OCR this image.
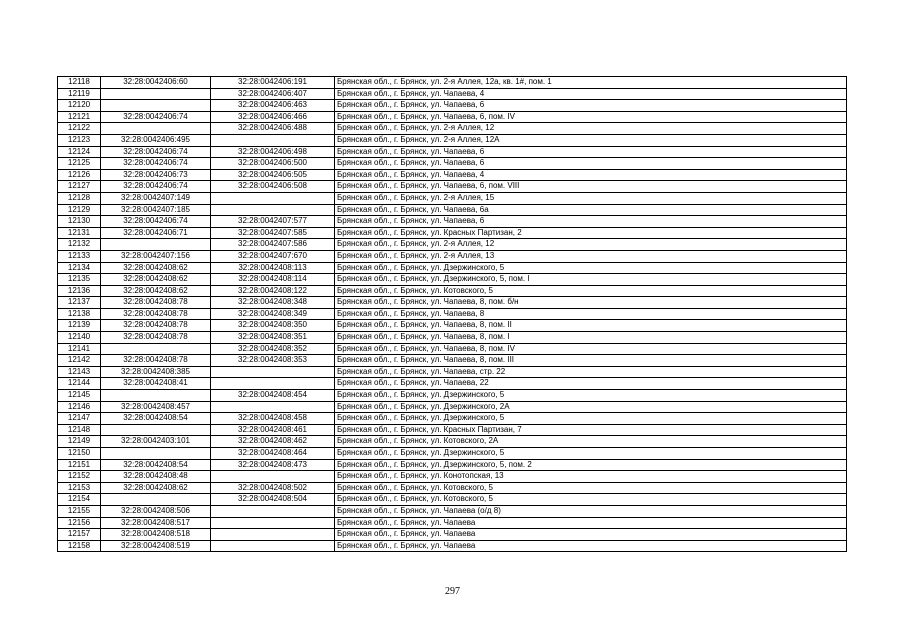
12118	32:28:0042406:60	32:28:0042406:191	Брянская обл., г. Брянск, ул. 2-я Аллея, 12а, кв. 1#, пом. 1
12119		32:28:0042406:407	Брянская обл., г. Брянск, ул. Чапаева, 4
12120		32:28:0042406:463	Брянская обл., г. Брянск, ул. Чапаева, 6
12121	32:28:0042406:74	32:28:0042406:466	Брянская обл., г. Брянск, ул. Чапаева, 6, пом. IV
12122		32:28:0042406:488	Брянская обл., г. Брянск, ул. 2-я Аллея, 12
12123	32:28:0042406:495		Брянская обл., г. Брянск, ул. 2-я Аллея, 12А
12124	32:28:0042406:74	32:28:0042406:498	Брянская обл., г. Брянск, ул. Чапаева, 6
12125	32:28:0042406:74	32:28:0042406:500	Брянская обл., г. Брянск, ул. Чапаева, 6
12126	32:28:0042406:73	32:28:0042406:505	Брянская обл., г. Брянск, ул. Чапаева, 4
12127	32:28:0042406:74	32:28:0042406:508	Брянская обл., г. Брянск, ул. Чапаева, 6, пом. VIII
12128	32:28:0042407:149		Брянская обл., г. Брянск, ул. 2-я Аллея, 15
12129	32:28:0042407:185		Брянская обл., г. Брянск, ул. Чапаева, 6а
12130	32:28:0042406:74	32:28:0042407:577	Брянская обл., г. Брянск, ул. Чапаева, 6
12131	32:28:0042406:71	32:28:0042407:585	Брянская обл., г. Брянск, ул. Красных Партизан, 2
12132		32:28:0042407:586	Брянская обл., г. Брянск, ул. 2-я Аллея, 12
12133	32:28:0042407:156	32:28:0042407:670	Брянская обл., г. Брянск, ул. 2-я Аллея, 13
12134	32:28:0042408:62	32:28:0042408:113	Брянская обл., г. Брянск, ул. Дзержинского, 5
12135	32:28:0042408:62	32:28:0042408:114	Брянская обл., г. Брянск, ул. Дзержинского, 5, пом. I
12136	32:28:0042408:62	32:28:0042408:122	Брянская обл., г. Брянск, ул. Котовского, 5
12137	32:28:0042408:78	32:28:0042408:348	Брянская обл., г. Брянск, ул. Чапаева, 8, пом. б/н
12138	32:28:0042408:78	32:28:0042408:349	Брянская обл., г. Брянск, ул. Чапаева, 8
12139	32:28:0042408:78	32:28:0042408:350	Брянская обл., г. Брянск, ул. Чапаева, 8, пом. II
12140	32:28:0042408:78	32:28:0042408:351	Брянская обл., г. Брянск, ул. Чапаева, 8, пом. I
12141		32:28:0042408:352	Брянская обл., г. Брянск, ул. Чапаева, 8, пом. IV
12142	32:28:0042408:78	32:28:0042408:353	Брянская обл., г. Брянск, ул. Чапаева, 8, пом. III
12143	32:28:0042408:385		Брянская обл., г. Брянск, ул. Чапаева, стр. 22
12144	32:28:0042408:41		Брянская обл., г. Брянск, ул. Чапаева, 22
12145		32:28:0042408:454	Брянская обл., г. Брянск, ул. Дзержинского, 5
12146	32:28:0042408:457		Брянская обл., г. Брянск, ул. Дзержинского, 2А
12147	32:28:0042408:54	32:28:0042408:458	Брянская обл., г. Брянск, ул. Дзержинского, 5
12148		32:28:0042408:461	Брянская обл., г. Брянск, ул. Красных Партизан, 7
12149	32:28:0042403:101	32:28:0042408:462	Брянская обл., г. Брянск, ул. Котовского, 2А
12150		32:28:0042408:464	Брянская обл., г. Брянск, ул. Дзержинского, 5
12151	32:28:0042408:54	32:28:0042408:473	Брянская обл., г. Брянск, ул. Дзержинского, 5, пом. 2
12152	32:28:0042408:48		Брянская обл., г. Брянск, ул. Конотопская, 13
12153	32:28:0042408:62	32:28:0042408:502	Брянская обл., г. Брянск, ул. Котовского, 5
12154		32:28:0042408:504	Брянская обл., г. Брянск, ул. Котовского, 5
12155	32:28:0042408:506		Брянская обл., г. Брянск, ул. Чапаева (о/д 8)
12156	32:28:0042408:517		Брянская обл., г. Брянск, ул. Чапаева
12157	32:28:0042408:518		Брянская обл., г. Брянск, ул. Чапаева
12158	32:28:0042408:519		Брянская обл., г. Брянск, ул. Чапаева
297
